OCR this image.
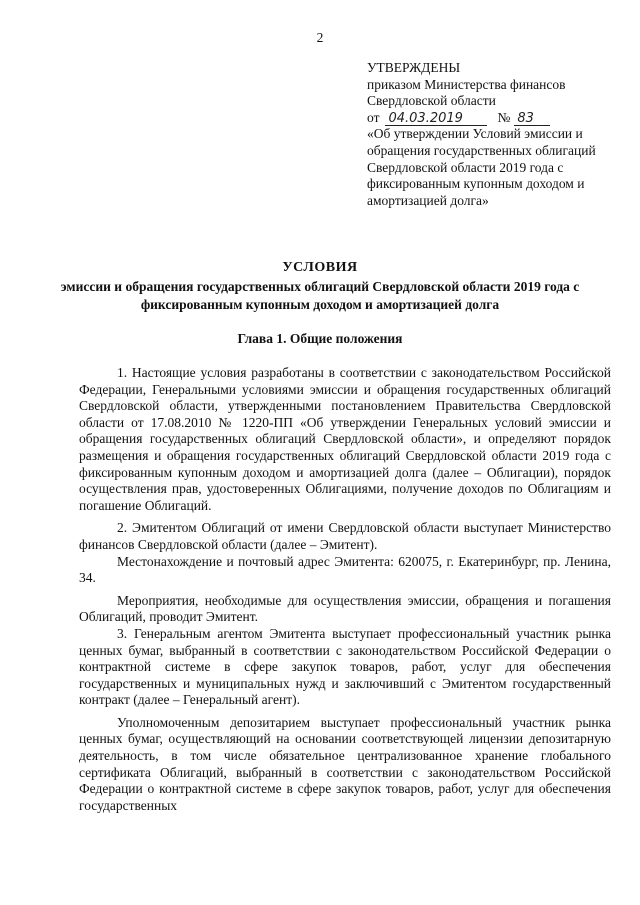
2
УТВЕРЖДЕНЫ
приказом Министерства финансов
Свердловской области
от 04.03.2019	№ 83
«Об утверждении Условий эмиссии и обращения государственных облигаций Свердловской области 2019 года с фиксированным купонным доходом и амортизацией долга»
УСЛОВИЯ
эмиссии и обращения государственных облигаций Свердловской области 2019 года с фиксированным купонным доходом и амортизацией долга
Глава 1. Общие положения

1. Настоящие условия разработаны в соответствии с законодательством Российской Федерации, Генеральными условиями эмиссии и обращения государственных облигаций Свердловской области, утвержденными постановлением Правительства Свердловской области от 17.08.2010 № 1220-ПП «Об утверждении Генеральных условий эмиссии и обращения государственных облигаций Свердловской области», и определяют порядок размещения и обращения государственных облигаций Свердловской области 2019 года с фиксированным купонным доходом и амортизацией долга (далее – Облигации), порядок осуществления прав, удостоверенных Облигациями, получение доходов по Облигациям и погашение Облигаций.

2. Эмитентом Облигаций от имени Свердловской области выступает Министерство финансов Свердловской области (далее – Эмитент).

Местонахождение и почтовый адрес Эмитента: 620075, г. Екатеринбург, пр. Ленина, 34.

Мероприятия, необходимые для осуществления эмиссии, обращения и погашения Облигаций, проводит Эмитент.

3. Генеральным агентом Эмитента выступает профессиональный участник рынка ценных бумаг, выбранный в соответствии с законодательством Российской Федерации о контрактной системе в сфере закупок товаров, работ, услуг для обеспечения государственных и муниципальных нужд и заключивший с Эмитентом государственный контракт (далее – Генеральный агент).

Уполномоченным депозитарием выступает профессиональный участник рынка ценных бумаг, осуществляющий на основании соответствующей лицензии депозитарную деятельность, в том числе обязательное централизованное хранение глобального сертификата Облигаций, выбранный в соответствии с законодательством Российской Федерации о контрактной системе в сфере закупок товаров, работ, услуг для обеспечения государственных
